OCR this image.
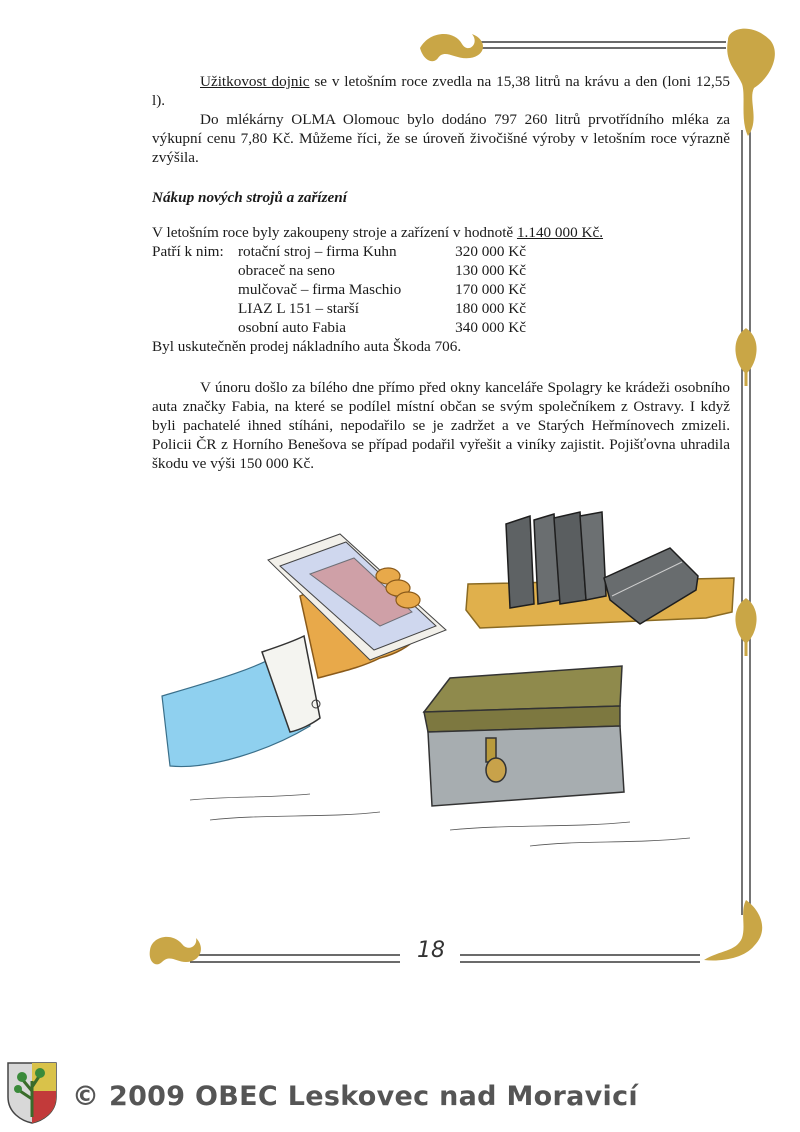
Užitkovost dojnic se v letošním roce zvedla na 15,38 litrů na krávu a den (loni 12,55 l).

Do mlékárny OLMA Olomouc bylo dodáno 797 260 litrů prvotřídního mléka za výkupní cenu 7,80 Kč. Můžeme říci, že se úroveň živočišné výroby v letošním roce výrazně zvýšila.

Nákup nových strojů a zařízení

V letošním roce byly zakoupeny stroje a zařízení v hodnotě 1.140 000 Kč.

Patří k nim:	rotační stroj – firma Kuhn	320 000 Kč
	obraceč na seno	130 000 Kč
	mulčovač – firma Maschio	170 000 Kč
	LIAZ L 151 – starší	180 000 Kč
	osobní auto Fabia	340 000 Kč

Byl uskutečněn prodej nákladního auta Škoda 706.

V únoru došlo za bílého dne přímo před okny kanceláře Spolagry ke krádeži osobního auta značky Fabia, na které se podílel místní občan se svým společníkem z Ostravy. I když byli pachatelé ihned stíháni, nepodařilo se je zadržet a ve Starých Heřmínovech zmizeli. Policii ČR z Horního Benešova se případ podařil vyřešit a viníky zajistit. Pojišťovna uhradila škodu ve výši 150 000 Kč.

18
© 2009 OBEC Leskovec nad Moravicí
